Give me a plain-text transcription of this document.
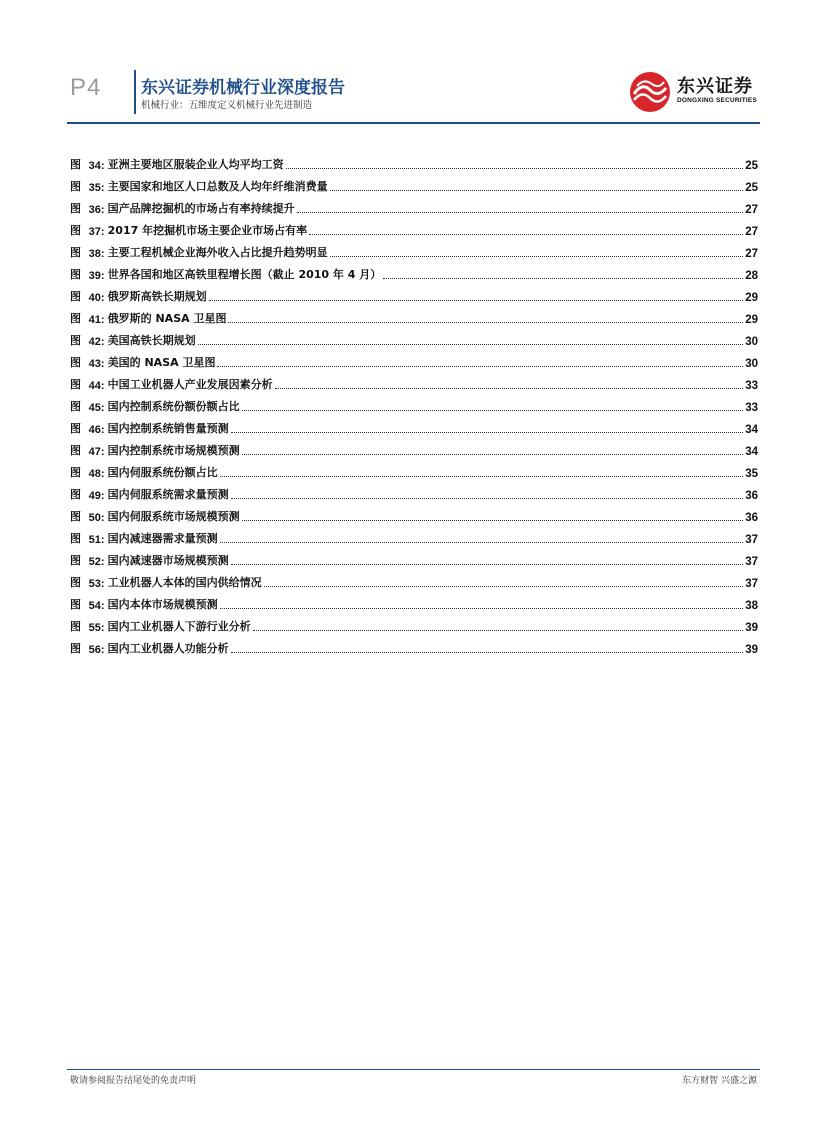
P4 东兴证券机械行业深度报告
机械行业：五维度定义机械行业先进制造
东兴证券
DONGXING SECURITIES
图
34:
亚洲主要地区服装企业人均平均工资	25
图
35:
主要国家和地区人口总数及人均年纤维消费量	25
图
36:
国产品牌挖掘机的市场占有率持续提升	27
图
37:
2017 年挖掘机市场主要企业市场占有率	27
图
38:
主要工程机械企业海外收入占比提升趋势明显	27
图
39:
世界各国和地区高铁里程增长图（截止 2010 年 4 月）	28
图
40:
俄罗斯高铁长期规划	29
图
41:
俄罗斯的 NASA 卫星图	29
图
42:
美国高铁长期规划	30
图
43:
美国的 NASA 卫星图	30
图
44:
中国工业机器人产业发展因素分析	33
图
45:
国内控制系统份额份额占比	33
图
46:
国内控制系统销售量预测	34
图
47:
国内控制系统市场规模预测	34
图
48:
国内伺服系统份额占比	35
图
49:
国内伺服系统需求量预测	36
图
50:
国内伺服系统市场规模预测	36
图
51:
国内减速器需求量预测	37
图
52:
国内减速器市场规模预测	37
图
53:
工业机器人本体的国内供给情况	37
图
54:
国内本体市场规模预测	38
图
55:
国内工业机器人下游行业分析	39
图
56:
国内工业机器人功能分析	39
敬请参阅报告结尾处的免责声明	东方财智 兴盛之源
